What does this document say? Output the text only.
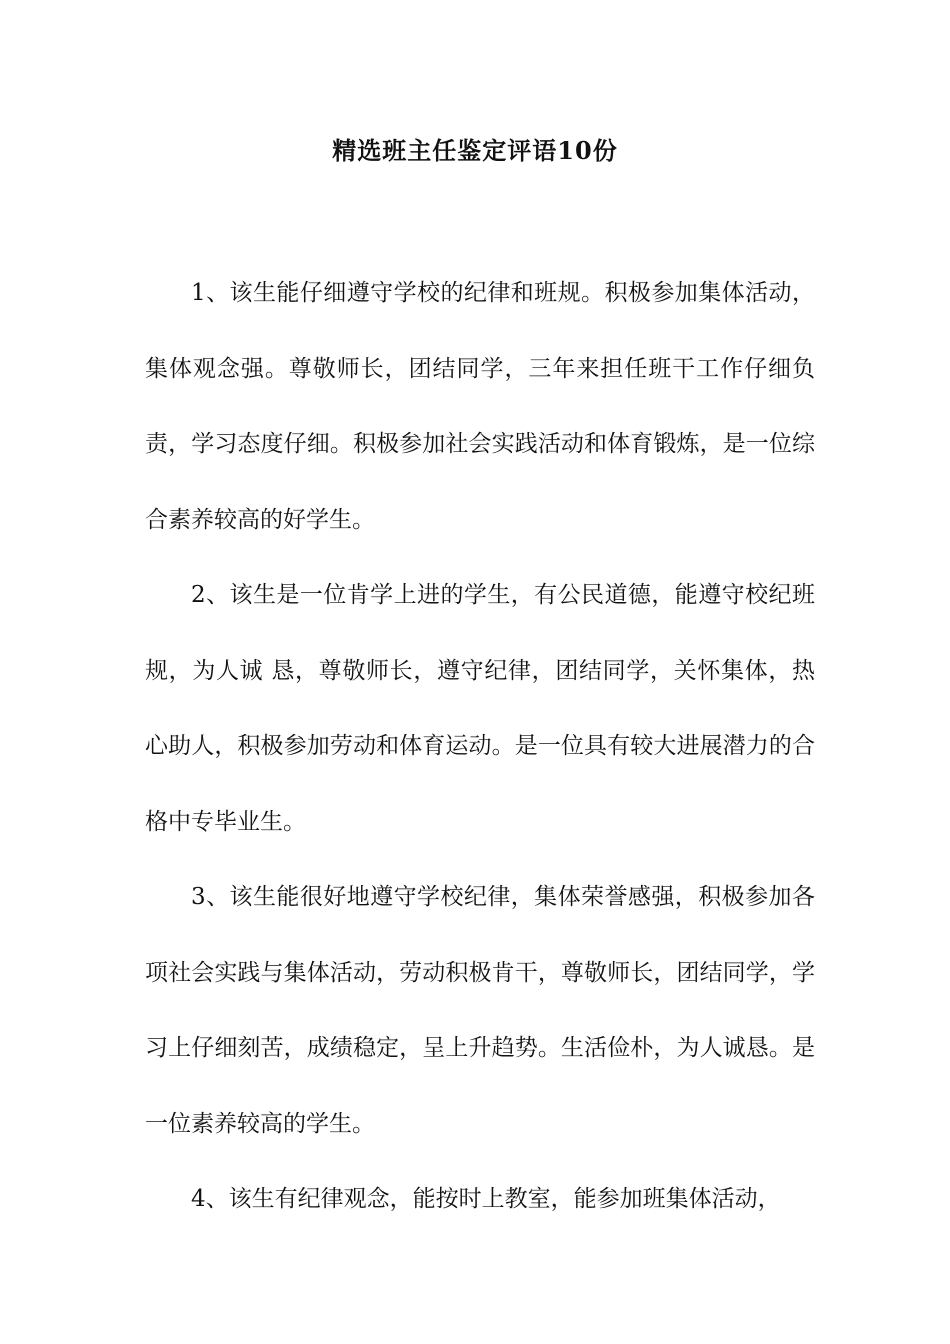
精选班主任鉴定评语10份

1、该生能仔细遵守学校的纪律和班规。积极参加集体活动，集体观念强。尊敬师长，团结同学，三年来担任班干工作仔细负责，学习态度仔细。积极参加社会实践活动和体育锻炼，是一位综合素养较高的好学生。

2、该生是一位肯学上进的学生，有公民道德，能遵守校纪班规，为人诚 恳，尊敬师长，遵守纪律，团结同学，关怀集体，热心助人，积极参加劳动和体育运动。是一位具有较大进展潜力的合格中专毕业生。

3、该生能很好地遵守学校纪律，集体荣誉感强，积极参加各项社会实践与集体活动，劳动积极肯干，尊敬师长，团结同学，学习上仔细刻苦，成绩稳定，呈上升趋势。生活俭朴，为人诚恳。是一位素养较高的学生。

4、该生有纪律观念，能按时上教室，能参加班集体活动，
